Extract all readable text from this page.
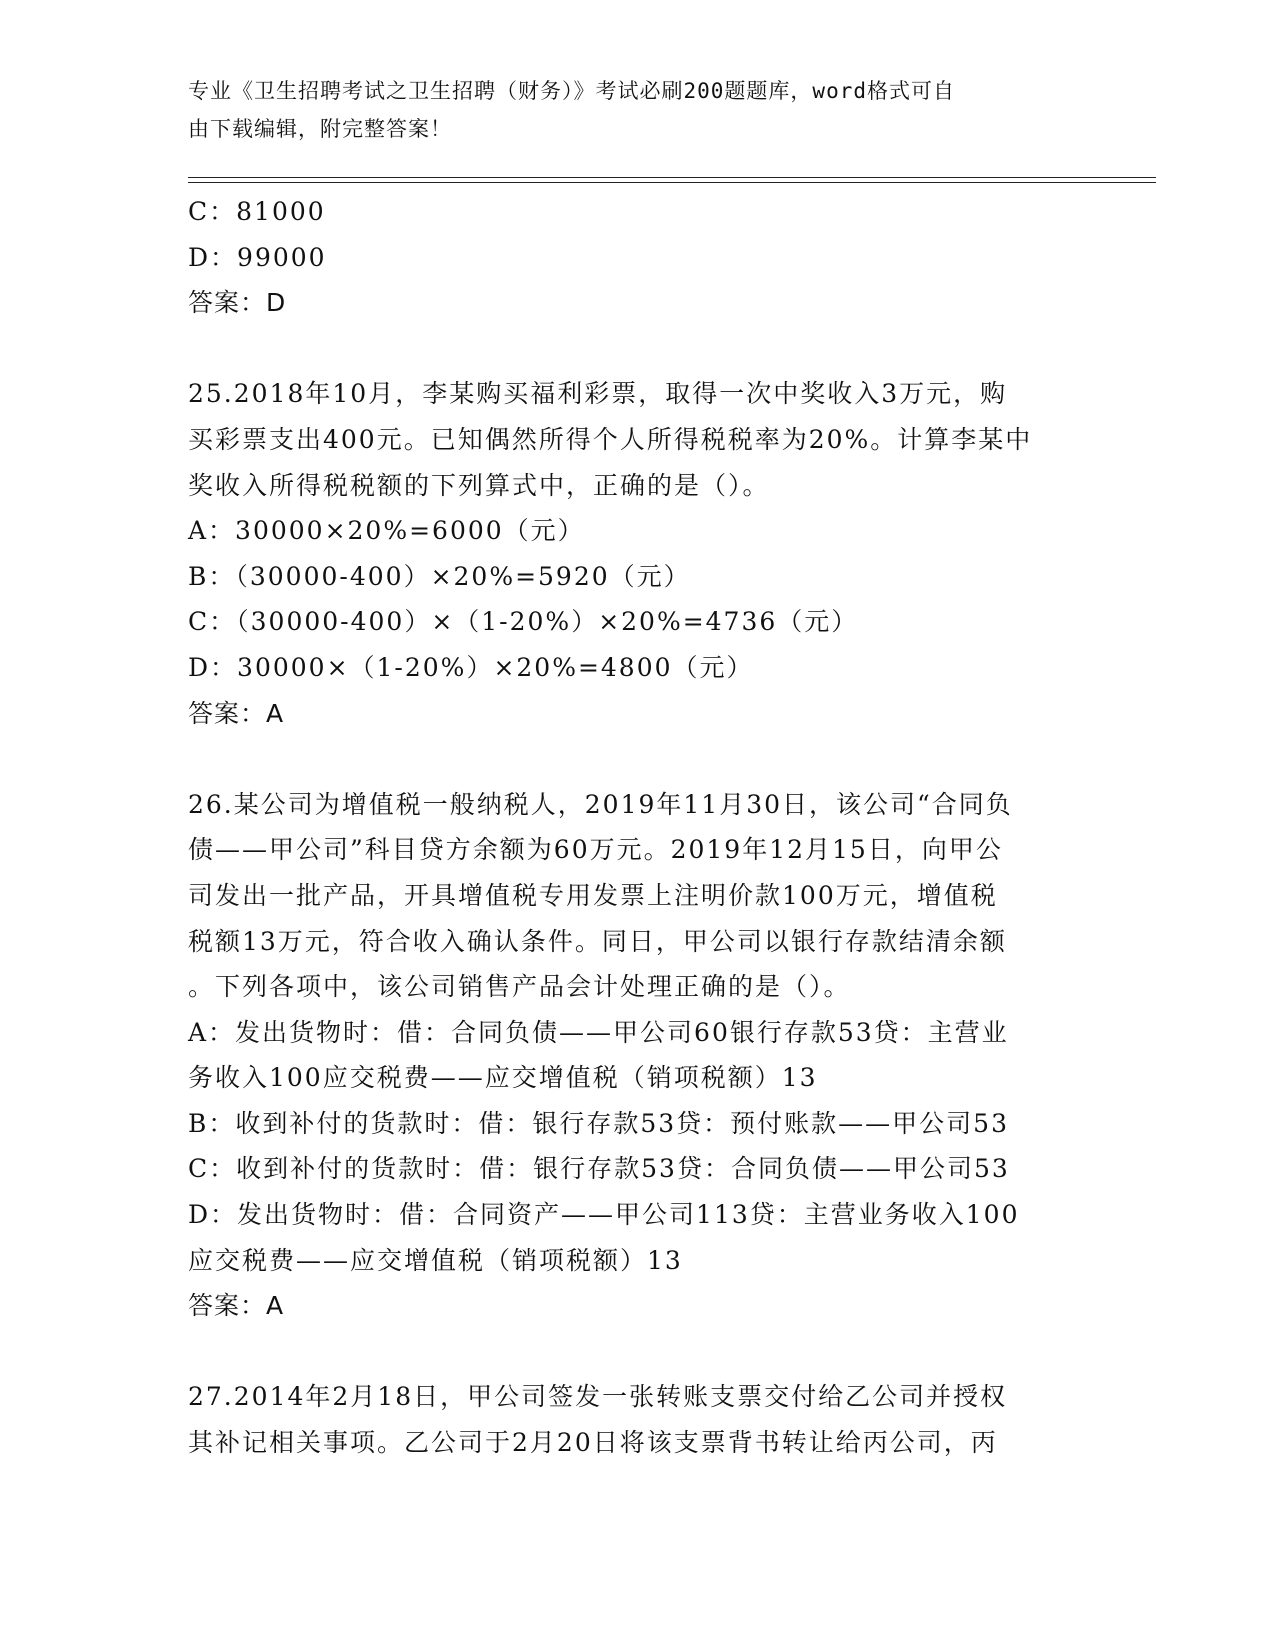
专业《卫生招聘考试之卫生招聘（财务）》考试必刷200题题库，word格式可自
由下载编辑，附完整答案！
C：81000
D：99000
答案：D
25.2018年10月，李某购买福利彩票，取得一次中奖收入3万元，购
买彩票支出400元。已知偶然所得个人所得税税率为20%。计算李某中
奖收入所得税税额的下列算式中，正确的是（）。
A：30000×20%=6000（元）
B：（30000-400）×20%=5920（元）
C：（30000-400）×（1-20%）×20%=4736（元）
D：30000×（1-20%）×20%=4800（元）
答案：A
26.某公司为增值税一般纳税人，2019年11月30日，该公司“合同负
债——甲公司”科目贷方余额为60万元。2019年12月15日，向甲公
司发出一批产品，开具增值税专用发票上注明价款100万元，增值税
税额13万元，符合收入确认条件。同日，甲公司以银行存款结清余额
。下列各项中，该公司销售产品会计处理正确的是（）。
A：发出货物时：借：合同负债——甲公司60银行存款53贷：主营业
务收入100应交税费——应交增值税（销项税额）13
B：收到补付的货款时：借：银行存款53贷：预付账款——甲公司53
C：收到补付的货款时：借：银行存款53贷：合同负债——甲公司53
D：发出货物时：借：合同资产——甲公司113贷：主营业务收入100
应交税费——应交增值税（销项税额）13
答案：A
27.2014年2月18日，甲公司签发一张转账支票交付给乙公司并授权
其补记相关事项。乙公司于2月20日将该支票背书转让给丙公司，丙
